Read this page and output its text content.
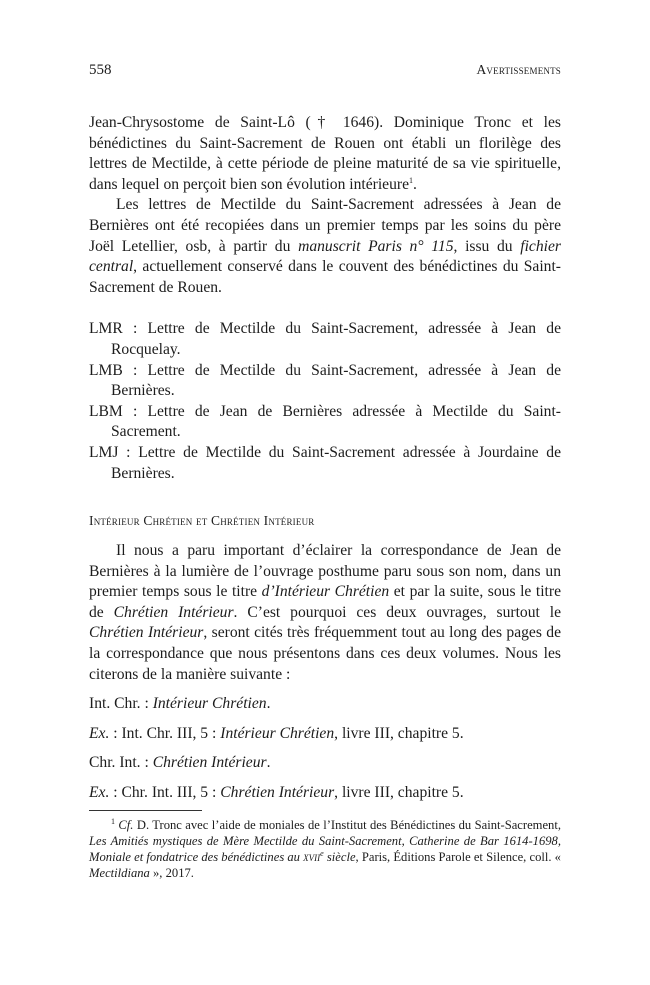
558	Avertissements

Jean-Chrysostome de Saint-Lô († 1646). Dominique Tronc et les bénédictines du Saint-Sacrement de Rouen ont établi un florilège des lettres de Mectilde, à cette période de pleine maturité de sa vie spirituelle, dans lequel on perçoit bien son évolution intérieure$^1$.

Les lettres de Mectilde du Saint-Sacrement adressées à Jean de Bernières ont été recopiées dans un premier temps par les soins du père Joël Letellier, osb, à partir du manuscrit Paris n° 115, issu du fichier central, actuellement conservé dans le couvent des bénédictines du Saint-Sacrement de Rouen.

LMR : Lettre de Mectilde du Saint-Sacrement, adressée à Jean de Rocquelay.

LMB : Lettre de Mectilde du Saint-Sacrement, adressée à Jean de Bernières.

LBM : Lettre de Jean de Bernières adressée à Mectilde du Saint-Sacrement.

LMJ : Lettre de Mectilde du Saint-Sacrement adressée à Jourdaine de Bernières.

Intérieur Chrétien et Chrétien Intérieur

Il nous a paru important d’éclairer la correspondance de Jean de Bernières à la lumière de l’ouvrage posthume paru sous son nom, dans un premier temps sous le titre d’Intérieur Chrétien et par la suite, sous le titre de Chrétien Intérieur. C’est pourquoi ces deux ouvrages, surtout le Chrétien Intérieur, seront cités très fréquemment tout au long des pages de la correspondance que nous présentons dans ces deux volumes. Nous les citerons de la manière suivante :

Int. Chr. : Intérieur Chrétien.

Ex. : Int. Chr. III, 5 : Intérieur Chrétien, livre III, chapitre 5.

Chr. Int. : Chrétien Intérieur.

Ex. : Chr. Int. III, 5 : Chrétien Intérieur, livre III, chapitre 5.

$^1$ Cf. D. Tronc avec l’aide de moniales de l’Institut des Bénédictines du Saint-Sacrement, Les Amitiés mystiques de Mère Mectilde du Saint-Sacrement, Catherine de Bar 1614-1698, Moniale et fondatrice des bénédictines au xvii$^e$ siècle, Paris, Éditions Parole et Silence, coll. « Mectildiana », 2017.
